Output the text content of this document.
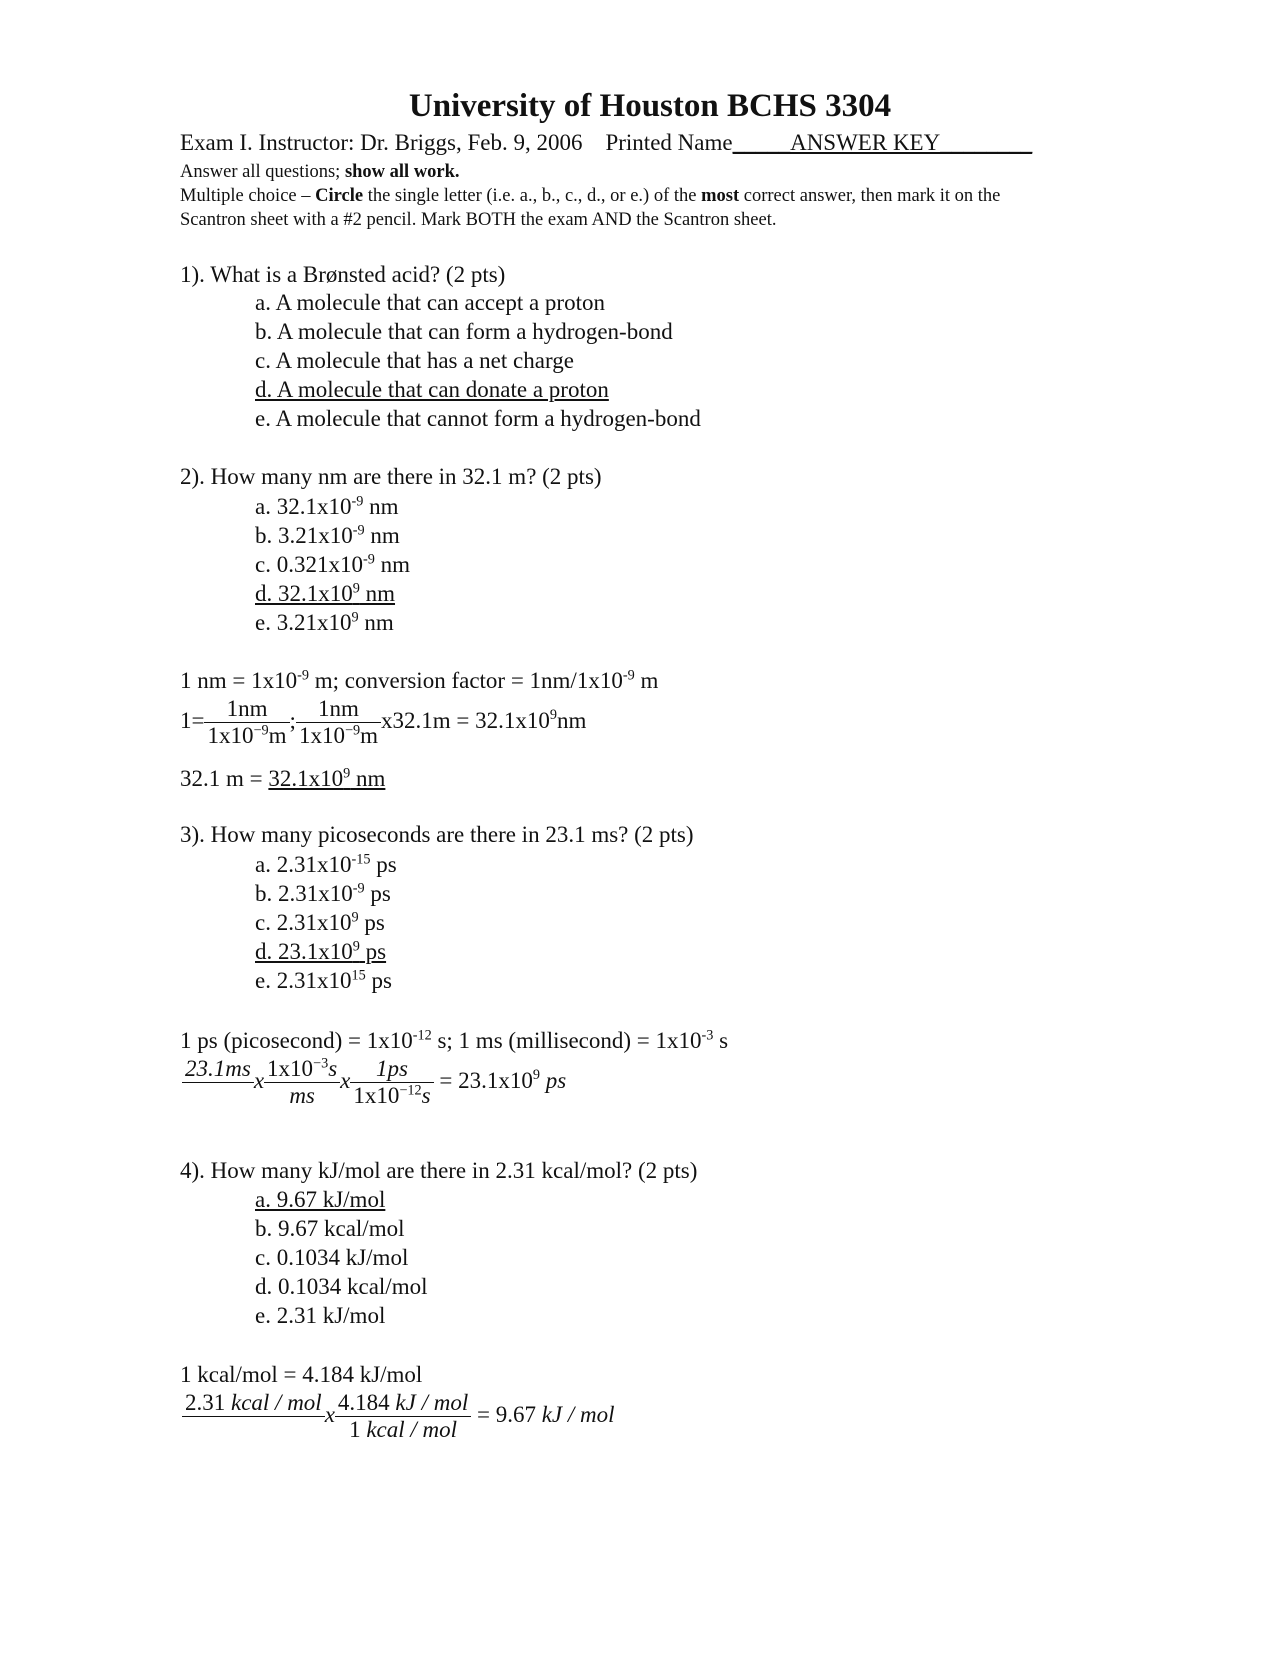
University of Houston BCHS 3304
Exam I. Instructor: Dr. Briggs, Feb. 9, 2006 Printed Name_____ANSWER KEY________
Answer all questions; show all work.
Multiple choice – Circle the single letter (i.e. a., b., c., d., or e.) of the most correct answer, then mark it on the
Scantron sheet with a #2 pencil. Mark BOTH the exam AND the Scantron sheet.
1). What is a Brønsted acid? (2 pts)
a. A molecule that can accept a proton
b. A molecule that can form a hydrogen-bond
c. A molecule that has a net charge
d. A molecule that can donate a proton
e. A molecule that cannot form a hydrogen-bond
2). How many nm are there in 32.1 m? (2 pts)
a. $32.1x10^{-9}$ nm
b. $3.21x10^{-9}$ nm
c. $0.321x10^{-9}$ nm
d. $32.1x10^9$ nm
e. $3.21x10^9$ nm
1 nm = $1x10^{-9}$ m; conversion factor = $1nm/1x10^{-9}$ m
$1= \frac{1nm}{1x10^{-9}m}$ ; $\frac{1nm}{1x10^{-9}m} x32.1m = 32.1x10^9nm$
32.1 $m = 32.1x10^9$ nm
3). How many picoseconds are there in 23.1 ms? (2 pts)
a. $2.31x10^{-15}$ ps
b. $2.31x10^{-9}$ ps
c. $2.31x10^9$ ps
d. $23.1x10^9$ ps
e. $2.31x10^{15}$ ps
1 ps (picosecond) = $1x10^{-12}$ s; 1 ms (millisecond) = $1x10^{-3}$ s
23.1ms
x $\frac{1x10^{-3}s}{ms}$ x $\frac{1ps}{1x10^{-12}s} = 23.1x10^9$ ps
4). How many kJ/mol are there in 2.31 kcal/mol? (2 pts)
a. 9.67 kJ/mol
b. 9.67 kcal/mol
c. 0.1034 kJ/mol
d. 0.1034 kcal/mol
e. 2.31 kJ/mol
1 kcal/mol = 4.184 kJ/mol
2.31 kcal / mol
x $\frac{\text{4.184 kJ / mol}}{\text{1 kcal / mol}} = 9.67$ kJ / mol
